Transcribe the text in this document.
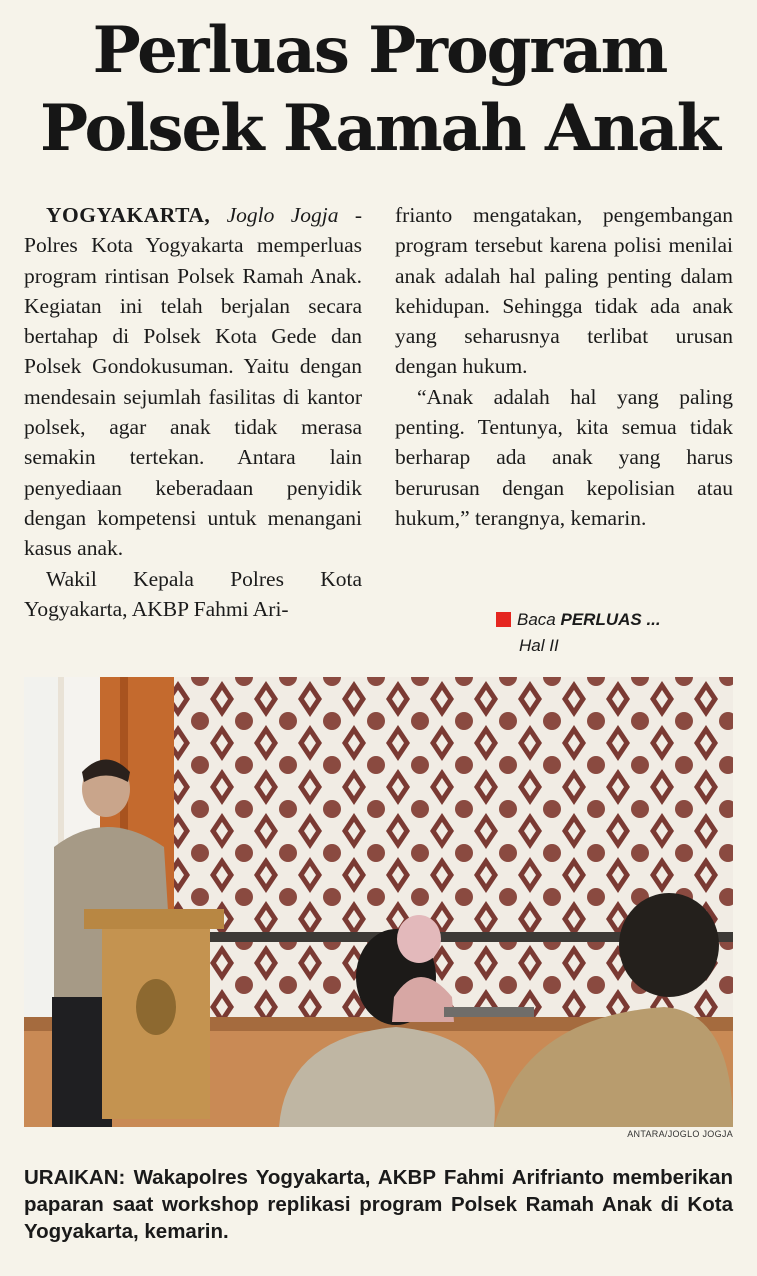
Perluas Program
Polsek Ramah Anak

YOGYAKARTA, Joglo Jogja - Polres Kota Yogyakarta memperluas program rintisan Polsek Ramah Anak. Kegiatan ini telah berjalan secara bertahap di Polsek Kota Gede dan Polsek Gondokusuman. Yaitu dengan mendesain sejumlah fasilitas di kantor polsek, agar anak tidak merasa semakin tertekan. Antara lain penyediaan keberadaan penyidik dengan kompetensi untuk menangani kasus anak.

Wakil Kepala Polres Kota Yogyakarta, AKBP Fahmi Ari-

frianto mengatakan, pengembangan program tersebut karena polisi menilai anak adalah hal paling penting dalam kehidupan. Sehingga tidak ada anak yang seharusnya terlibat urusan dengan hukum.

“Anak adalah hal yang paling penting. Tentunya, kita semua tidak berharap ada anak yang harus berurusan dengan kepolisian atau hukum,” terangnya, kemarin.

Baca PERLUAS ...
Hal II
ANTARA/JOGLO JOGJA

URAIKAN: Wakapolres Yogyakarta, AKBP Fahmi Arifrianto memberikan paparan saat workshop replikasi program Polsek Ramah Anak di Kota Yogyakarta, kemarin.
